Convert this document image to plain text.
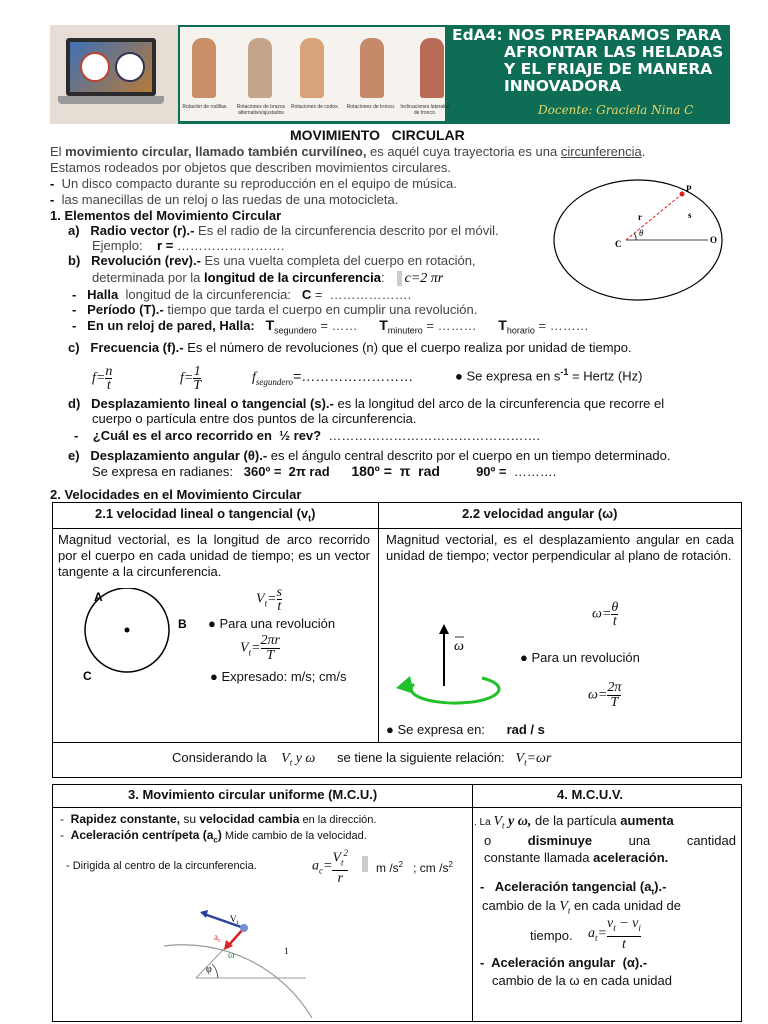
Rotación de rodillas.	Rotaciones de brazos alternativo/ajustados
Rotaciones de codos. Rotaciones de tronco. Inclinaciones laterales de tronco.
EdA4: NOS PREPARAMOS PARA
AFRONTAR LAS HELADAS
Y EL FRIAJE DE MANERA
INNOVADORA
Docente: Graciela Nina C
MOVIMIENTO   CIRCULAR
El movimiento circular, llamado también curvilíneo, es aquél cuya trayectoria es una circunferencia.
Estamos rodeados por objetos que describen movimientos circulares.
- Un disco compacto durante su reproducción en el equipo de música.
- las manecillas de un reloj o las ruedas de una motocicleta.
1. Elementos del Movimiento Circular
a) Radio vector (r).- Es el radio de la circunferencia descrito por el móvil.
Ejemplo:    r = …………………….
b) Revolución (rev).- Es una vuelta completa del cuerpo en rotación,
determinada por la longitud de la circunferencia: c=2 πr
-   Halla  longitud de la circunferencia:   C =  ……………….
-   Período (T).- tiempo que tarda el cuerpo en cumplir una revolución.
-   En un reloj de pared, Halla: $T_{segundero}$ = …… $T_{minutero}$ = ……… $T_{horario}$ = ………
P
r	s
C
θ
O
c) Frecuencia (f).- Es el número de revoluciones (n) que el cuerpo realiza por unidad de tiempo.
$f= \frac{n}{t}$	$f= \frac{1}{T}$	$f_{segundero}=\dots\dots\dots\dots\dots\dots\dots\dots$	● Se expresa en $s^{-1}$ = Hertz (Hz)
d) Desplazamiento lineal o tangencial (s).- es la longitud del arco de la circunferencia que recorre el
cuerpo o partícula entre dos puntos de la circunferencia.
-    ¿Cuál es el arco recorrido en  ½ rev?  ………………………………………….
e) Desplazamiento angular (θ).- es el ángulo central descrito por el cuerpo en un tiempo determinado.
Se expresa en radianes:   360º =  2π rad 180º =  π  rad	90º =  ……….
2. Velocidades en el Movimiento Circular
2.1 velocidad lineal o tangencial $(v_t)$	2.2 velocidad angular (ω)
Magnitud vectorial, es la longitud de arco recorrido por el cuerpo en cada unidad de tiempo; es un vector tangente a la circunferencia.
Magnitud vectorial, es el desplazamiento angular en cada unidad de tiempo; vector perpendicular al plano de rotación.
A
B
C
$V_t= \frac{s}{t}$
● Para una revolución
$V_t= \frac{2\pi r}{T}$
● Expresado: m/s; cm/s
$\omega= \frac{\theta}{t}$
ω
● Para un revolución
$\omega= \frac{2\pi}{T}$
● Se expresa en: rad / s
Considerando la $V_t$ y ω se tiene la siguiente relación: $V_t=\omega r$
3. Movimiento circular uniforme (M.C.U.)	4. M.C.U.V.
-  Rapidez constante, su velocidad cambia en la dirección.
-  Aceleración centrípeta $(a_c)$ Mide cambio de la velocidad.
- Dirigida al centro de la circunferencia.	$a_c= \frac{V_t^2}{r}$ m $/s^2$ ; cm $/s^2$
$V_t$
$a_c$
ω
φ
1
. La $V_t$ y ω, de la partícula aumenta
o	disminuye	una	cantidad
constante llamada aceleración.
-   Aceleración tangencial $(a_t).-$
cambio de la $V_t$ en cada unidad de
tiempo. $a_t= \frac{v_t - v_i}{t}$
-  Aceleración angular  (α).-
cambio de la ω en cada unidad
